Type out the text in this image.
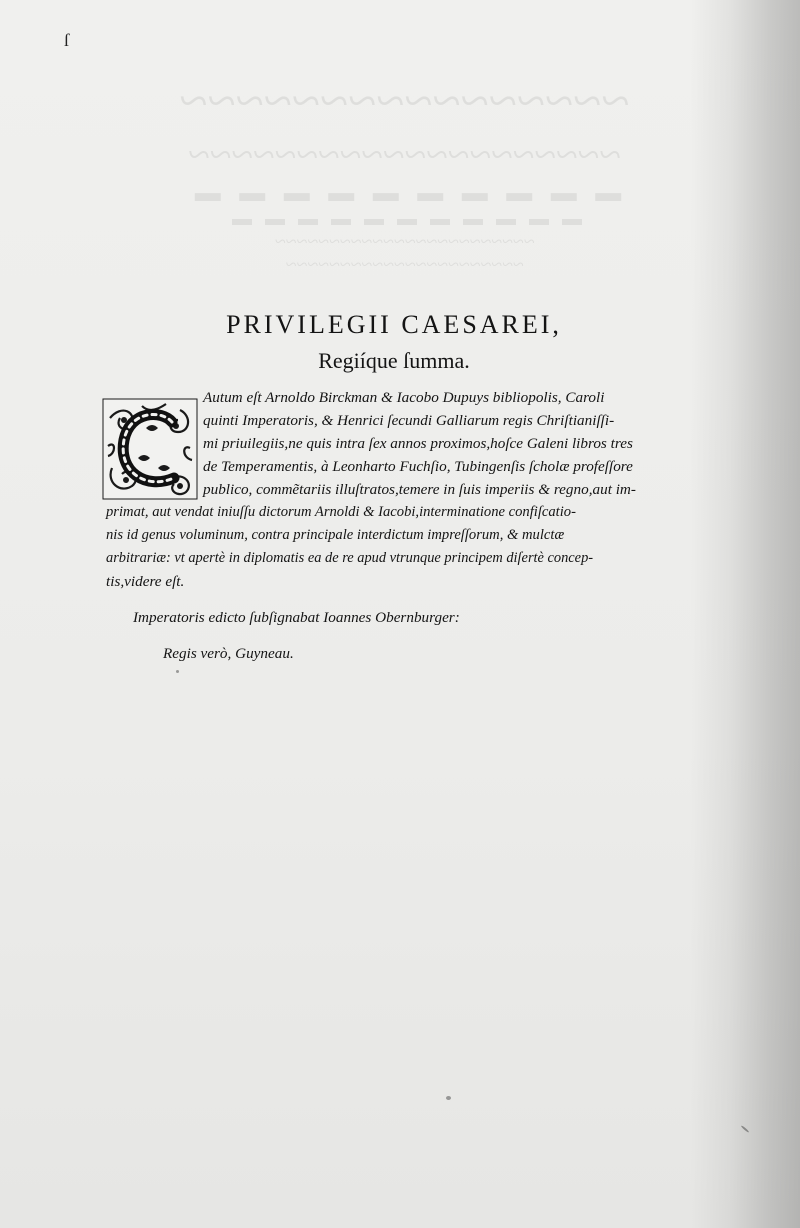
~~~~~~~~~~~~~~~~
~~~~~~~~~~~~~~~~~~~~
▬ ▬ ▬ ▬ ▬ ▬ ▬ ▬ ▬ ▬
▬ ▬ ▬ ▬ ▬ ▬ ▬ ▬ ▬ ▬ ▬
~~~~~~~~~~~~~~~~~~~~~~~~
~~~~~~~~~~~~~~~~~~~~~~
ſ
PRIVILEGII CAESAREI,
Regiíque ſumma.
Autum eſt Arnoldo Birckman & Iacobo Dupuys bibliopolis, Caroli
quinti Imperatoris, & Henrici ſecundi Galliarum regis Chriſtianiſſi-
mi priuilegiis,ne quis intra ſex annos proximos,hoſce Galeni libros tres
de Temperamentis, à Leonharto Fuchſio, Tubingenſis ſcholæ profeſſore
publico, commẽtariis illuſtratos,temere in ſuis imperiis & regno,aut im-
primat, aut vendat iniuſſu dictorum Arnoldi & Iacobi,interminatione confiſcatio-
nis id genus voluminum, contra principale interdictum impreſſorum, & mulctæ
arbitrariæ: vt apertè in diplomatis ea de re apud vtrunque principem diſertè concep-
tis,videre eſt.
Imperatoris edicto ſubſignabat Ioannes Obernburger:
Regis verò, Guyneau.
